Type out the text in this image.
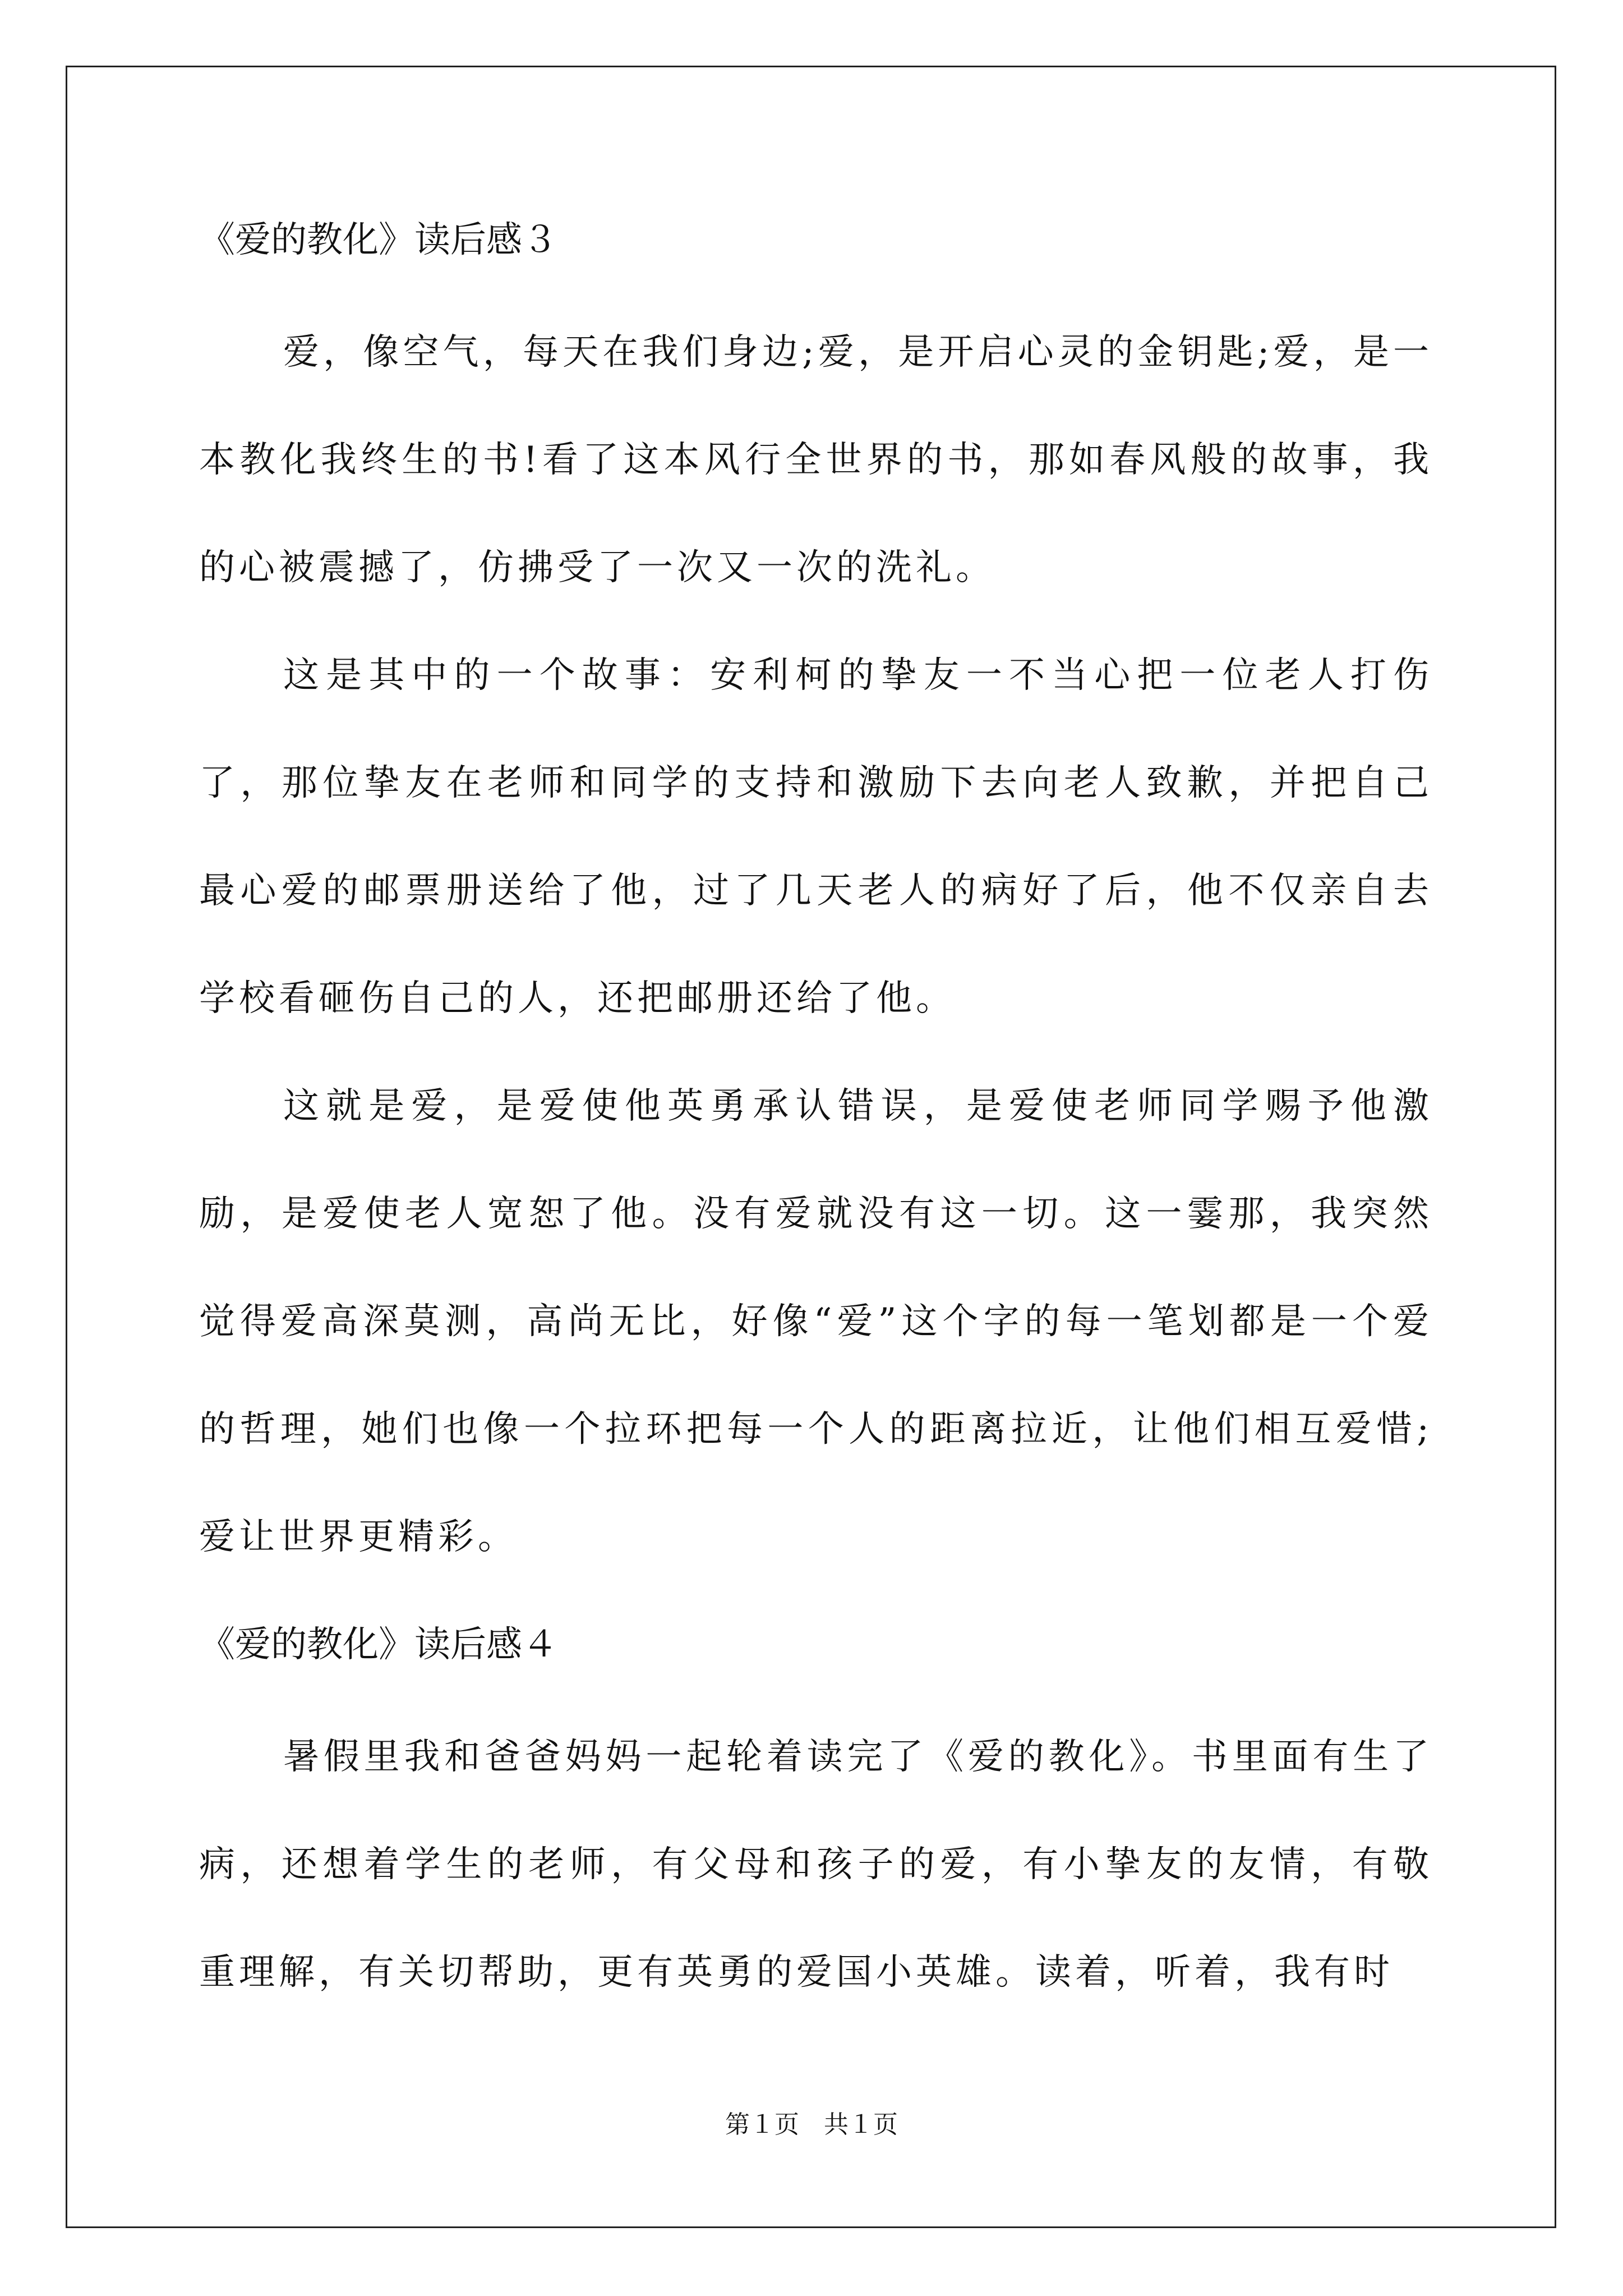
《爱的教化》读后感３

爱，像空气，每天在我们身边;爱，是开启心灵的金钥匙;爱，是一本教化我终生的书!看了这本风行全世界的书，那如春风般的故事，我的心被震撼了，仿拂受了一次又一次的洗礼。

这是其中的一个故事：安利柯的挚友一不当心把一位老人打伤了，那位挚友在老师和同学的支持和激励下去向老人致歉，并把自己最心爱的邮票册送给了他，过了几天老人的病好了后，他不仅亲自去学校看砸伤自己的人，还把邮册还给了他。

这就是爱，是爱使他英勇承认错误，是爱使老师同学赐予他激励，是爱使老人宽恕了他。没有爱就没有这一切。这一霎那，我突然觉得爱高深莫测，高尚无比，好像“爱”这个字的每一笔划都是一个爱的哲理，她们也像一个拉环把每一个人的距离拉近，让他们相互爱惜;爱让世界更精彩。

《爱的教化》读后感４

暑假里我和爸爸妈妈一起轮着读完了《爱的教化》。书里面有生了病，还想着学生的老师，有父母和孩子的爱，有小挚友的友情，有敬重理解，有关切帮助，更有英勇的爱国小英雄。读着，听着，我有时

第１页　共１页
